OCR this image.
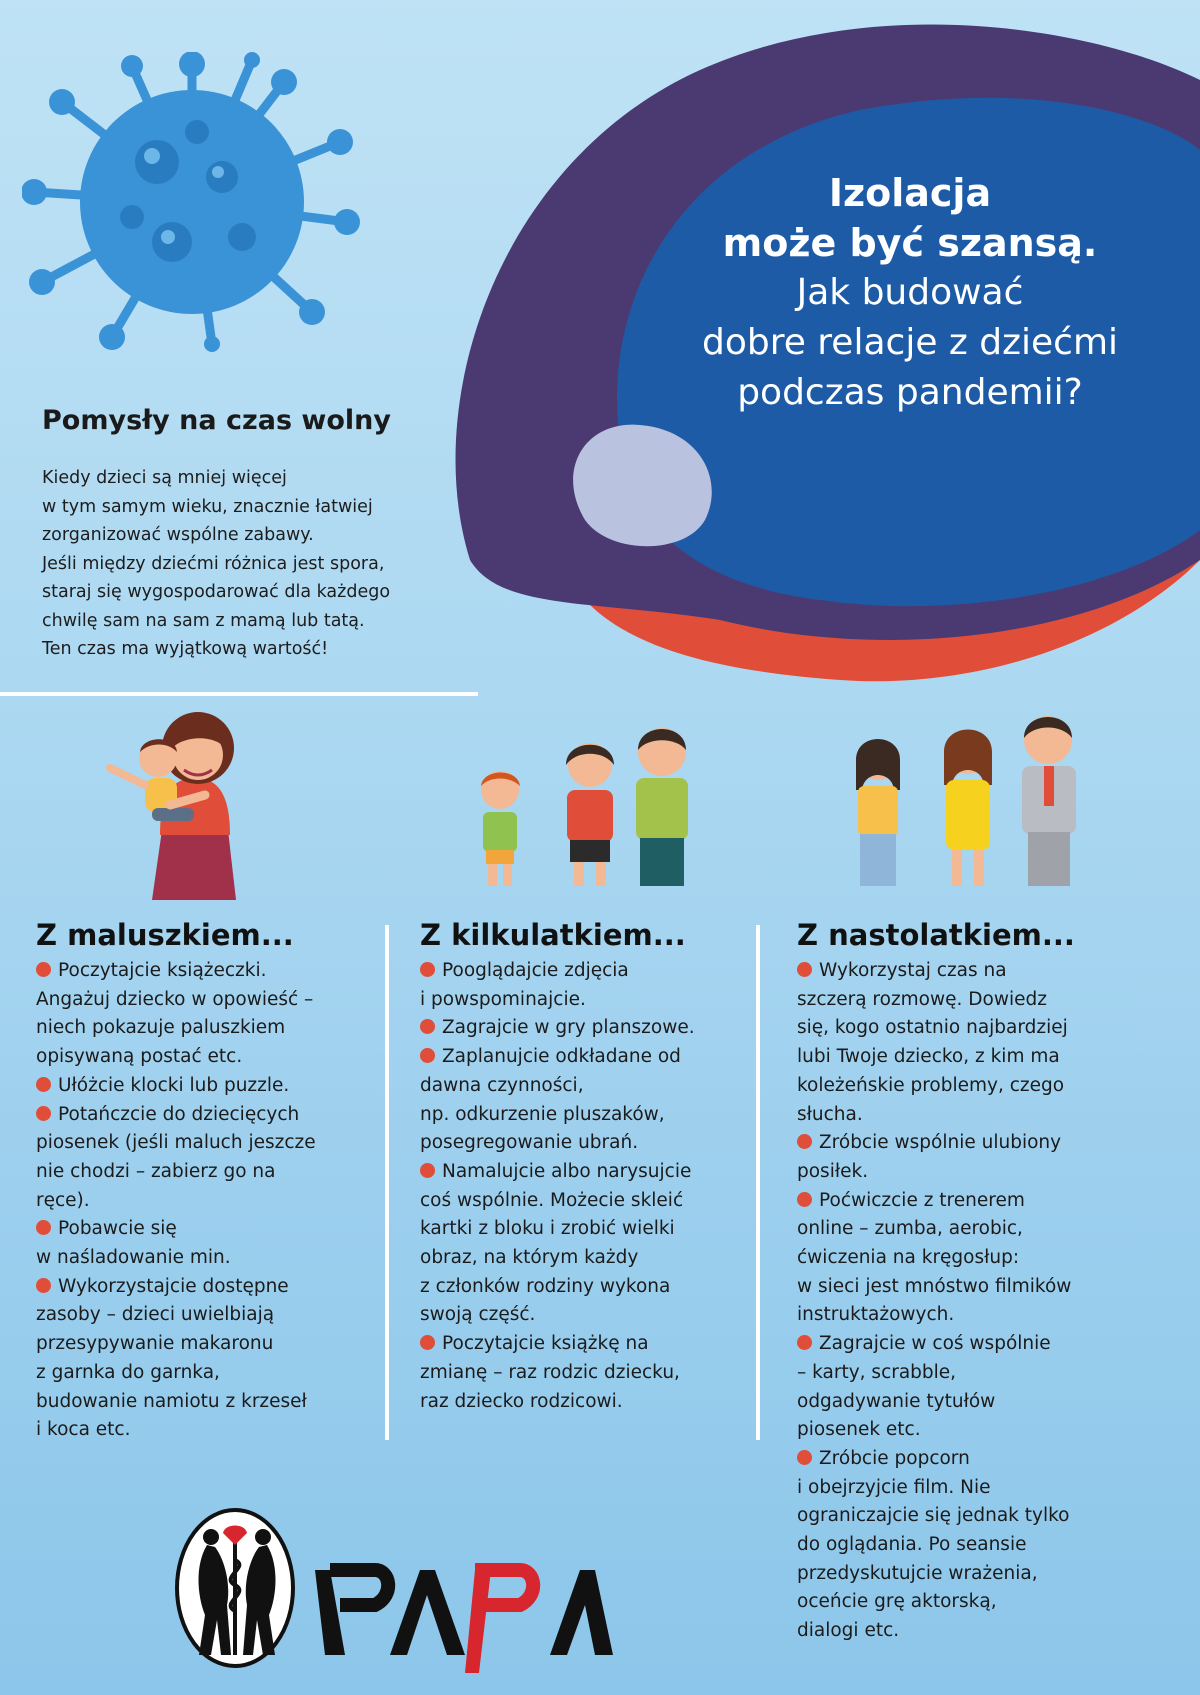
Izolacja
może być szansą.
Jak budować
dobre relacje z dziećmi
podczas pandemii?
Pomysły na czas wolny
Kiedy dzieci są mniej więcej
w tym samym wieku, znacznie łatwiej
zorganizować wspólne zabawy.
Jeśli między dziećmi różnica jest spora,
staraj się wygospodarować dla każdego
chwilę sam na sam z mamą lub tatą.
Ten czas ma wyjątkową wartość!
Z maluszkiem...
Poczytajcie książeczki.
Angażuj dziecko w opowieść –
niech pokazuje paluszkiem
opisywaną postać etc.
Ułóżcie klocki lub puzzle.
Potańczcie do dziecięcych
piosenek (jeśli maluch jeszcze
nie chodzi – zabierz go na
ręce).
Pobawcie się
w naśladowanie min.
Wykorzystajcie dostępne
zasoby – dzieci uwielbiają
przesypywanie makaronu
z garnka do garnka,
budowanie namiotu z krzeseł
i koca etc.
Z kilkulatkiem...
Pooglądajcie zdjęcia
i powspominajcie.
Zagrajcie w gry planszowe.
Zaplanujcie odkładane od
dawna czynności,
np. odkurzenie pluszaków,
posegregowanie ubrań.
Namalujcie albo narysujcie
coś wspólnie. Możecie skleić
kartki z bloku i zrobić wielki
obraz, na którym każdy
z członków rodziny wykona
swoją część.
Poczytajcie książkę na
zmianę – raz rodzic dziecku,
raz dziecko rodzicowi.
Z nastolatkiem...
Wykorzystaj czas na
szczerą rozmowę. Dowiedz
się, kogo ostatnio najbardziej
lubi Twoje dziecko, z kim ma
koleżeńskie problemy, czego
słucha.
Zróbcie wspólnie ulubiony
posiłek.
Poćwiczcie z trenerem
online – zumba, aerobic,
ćwiczenia na kręgosłup:
w sieci jest mnóstwo filmików
instruktażowych.
Zagrajcie w coś wspólnie
– karty, scrabble,
odgadywanie tytułów
piosenek etc.
Zróbcie popcorn
i obejrzyjcie film. Nie
ograniczajcie się jednak tylko
do oglądania. Po seansie
przedyskutujcie wrażenia,
oceńcie grę aktorską,
dialogi etc.
